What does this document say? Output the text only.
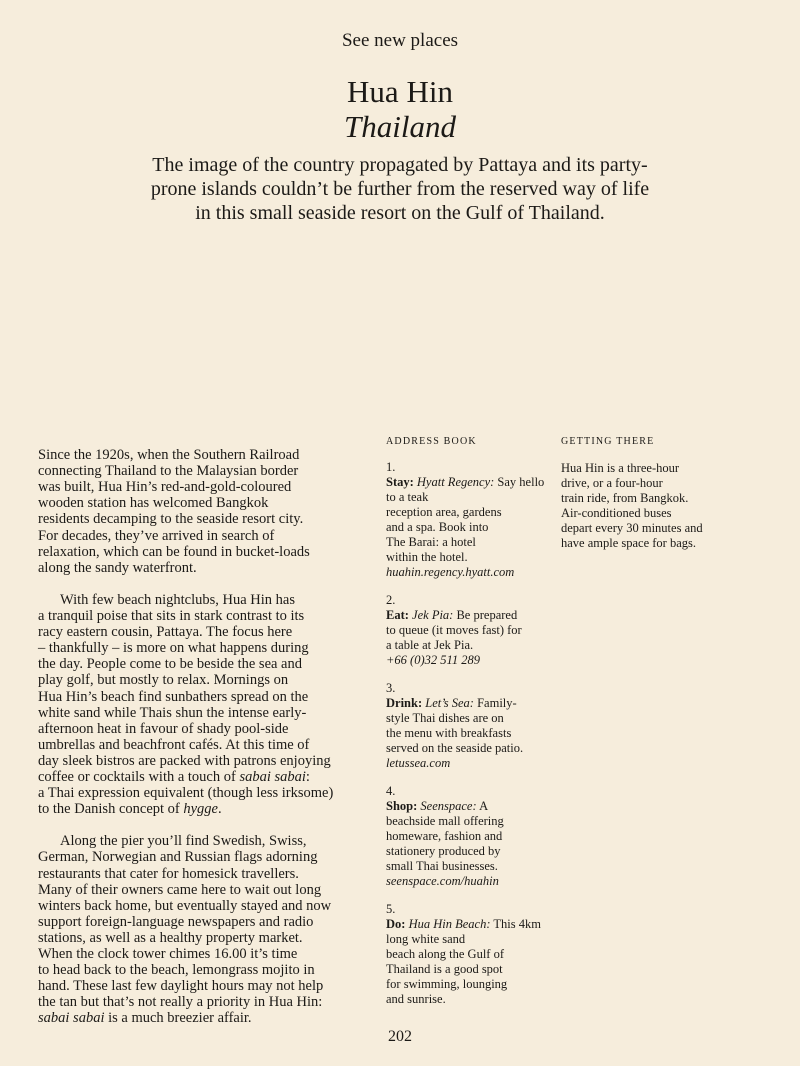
See new places
Hua Hin
Thailand
The image of the country propagated by Pattaya and its party-prone islands couldn’t be further from the reserved way of life in this small seaside resort on the Gulf of Thailand.

Since the 1920s, when the Southern Railroad
connecting Thailand to the Malaysian border
was built, Hua Hin’s red-and-gold-coloured
wooden station has welcomed Bangkok
residents decamping to the seaside resort city.
For decades, they’ve arrived in search of
relaxation, which can be found in bucket-loads
along the sandy waterfront.

With few beach nightclubs, Hua Hin has
a tranquil poise that sits in stark contrast to its
racy eastern cousin, Pattaya. The focus here
– thankfully – is more on what happens during
the day. People come to be beside the sea and
play golf, but mostly to relax. Mornings on
Hua Hin’s beach find sunbathers spread on the
white sand while Thais shun the intense early-
afternoon heat in favour of shady pool-side
umbrellas and beachfront cafés. At this time of
day sleek bistros are packed with patrons enjoying
coffee or cocktails with a touch of sabai sabai:
a Thai expression equivalent (though less irksome)
to the Danish concept of hygge.

Along the pier you’ll find Swedish, Swiss,
German, Norwegian and Russian flags adorning
restaurants that cater for homesick travellers.
Many of their owners came here to wait out long
winters back home, but eventually stayed and now
support foreign-language newspapers and radio
stations, as well as a healthy property market.
When the clock tower chimes 16.00 it’s time
to head back to the beach, lemongrass mojito in
hand. These last few daylight hours may not help
the tan but that’s not really a priority in Hua Hin:
sabai sabai is a much breezier affair.

ADDRESS BOOK
1.
Stay: Hyatt Regency: Say hello to a teak
reception area, gardens
and a spa. Book into
The Barai: a hotel
within the hotel.
huahin.regency.hyatt.com
2.
Eat: Jek Pia: Be prepared
to queue (it moves fast) for
a table at Jek Pia.
+66 (0)32 511 289
3.
Drink: Let’s Sea: Family-
style Thai dishes are on
the menu with breakfasts
served on the seaside patio.
letussea.com
4.
Shop: Seenspace: A
beachside mall offering
homeware, fashion and
stationery produced by
small Thai businesses.
seenspace.com/huahin
5.
Do: Hua Hin Beach: This 4km long white sand
beach along the Gulf of
Thailand is a good spot
for swimming, lounging
and sunrise.
GETTING THERE
Hua Hin is a three-hour
drive, or a four-hour
train ride, from Bangkok.
Air-conditioned buses
depart every 30 minutes and
have ample space for bags.
202
